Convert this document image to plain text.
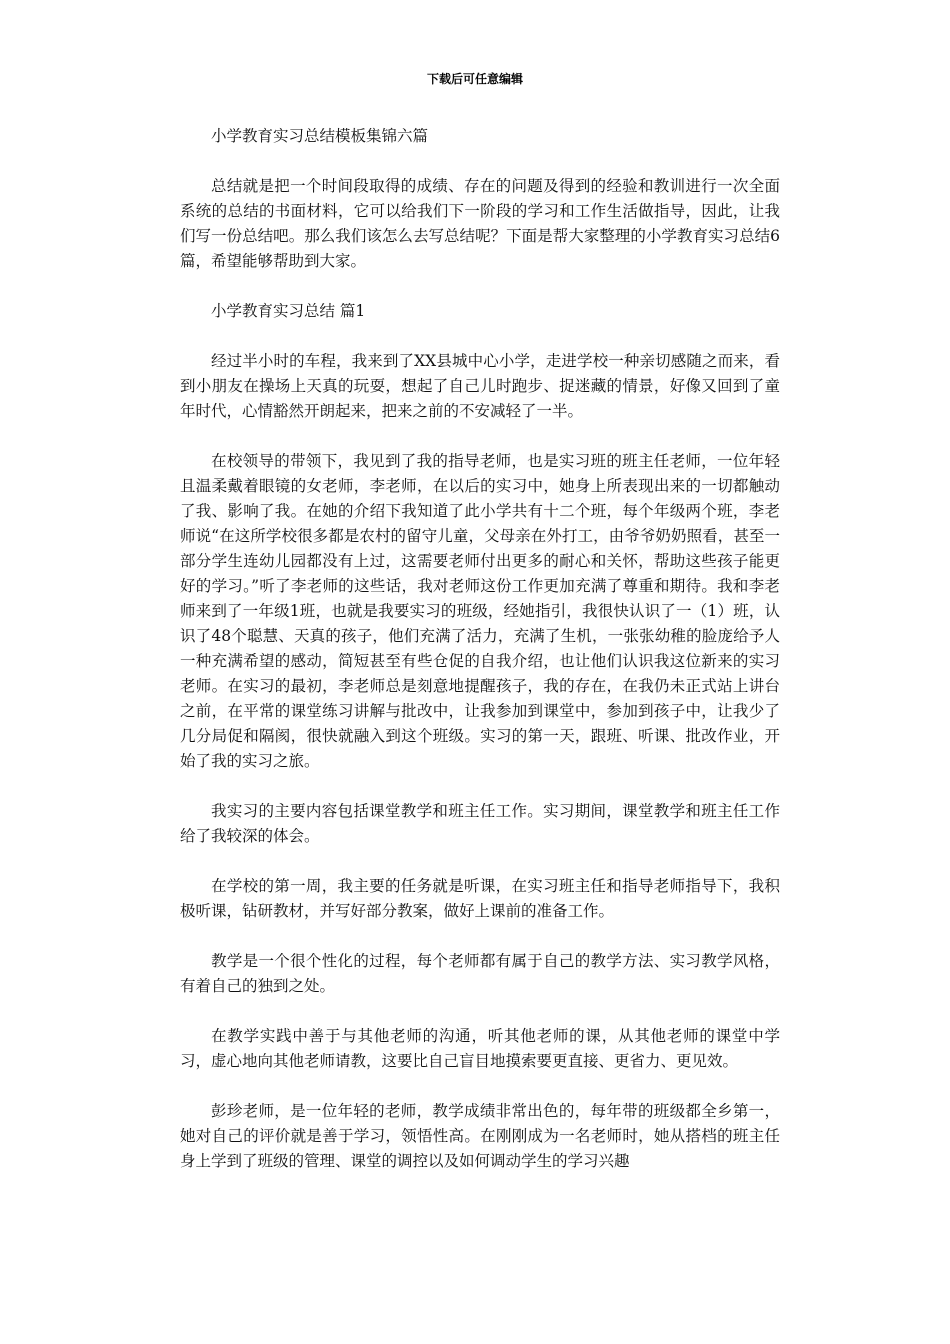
下载后可任意编辑

小学教育实习总结模板集锦六篇

总结就是把一个时间段取得的成绩、存在的问题及得到的经验和教训进行一次全面系统的总结的书面材料，它可以给我们下一阶段的学习和工作生活做指导，因此，让我们写一份总结吧。那么我们该怎么去写总结呢？下面是帮大家整理的小学教育实习总结6篇，希望能够帮助到大家。

小学教育实习总结 篇1

经过半小时的车程，我来到了XX县城中心小学，走进学校一种亲切感随之而来，看到小朋友在操场上天真的玩耍，想起了自己儿时跑步、捉迷藏的情景，好像又回到了童年时代，心情豁然开朗起来，把来之前的不安减轻了一半。

在校领导的带领下，我见到了我的指导老师，也是实习班的班主任老师，一位年轻且温柔戴着眼镜的女老师，李老师，在以后的实习中，她身上所表现出来的一切都触动了我、影响了我。在她的介绍下我知道了此小学共有十二个班，每个年级两个班，李老师说“在这所学校很多都是农村的留守儿童，父母亲在外打工，由爷爷奶奶照看，甚至一部分学生连幼儿园都没有上过，这需要老师付出更多的耐心和关怀，帮助这些孩子能更好的学习。”听了李老师的这些话，我对老师这份工作更加充满了尊重和期待。我和李老师来到了一年级1班，也就是我要实习的班级，经她指引，我很快认识了一（1）班，认识了48个聪慧、天真的孩子，他们充满了活力，充满了生机，一张张幼稚的脸庞给予人一种充满希望的感动，简短甚至有些仓促的自我介绍，也让他们认识我这位新来的实习老师。在实习的最初，李老师总是刻意地提醒孩子，我的存在，在我仍未正式站上讲台之前，在平常的课堂练习讲解与批改中，让我参加到课堂中，参加到孩子中，让我少了几分局促和隔阂，很快就融入到这个班级。实习的第一天，跟班、听课、批改作业，开始了我的实习之旅。

我实习的主要内容包括课堂教学和班主任工作。实习期间，课堂教学和班主任工作给了我较深的体会。

在学校的第一周，我主要的任务就是听课，在实习班主任和指导老师指导下，我积极听课，钻研教材，并写好部分教案，做好上课前的准备工作。

教学是一个很个性化的过程，每个老师都有属于自己的教学方法、实习教学风格，有着自己的独到之处。

在教学实践中善于与其他老师的沟通，听其他老师的课，从其他老师的课堂中学习，虚心地向其他老师请教，这要比自己盲目地摸索要更直接、更省力、更见效。

彭珍老师，是一位年轻的老师，教学成绩非常出色的，每年带的班级都全乡第一，她对自己的评价就是善于学习，领悟性高。在刚刚成为一名老师时，她从搭档的班主任身上学到了班级的管理、课堂的调控以及如何调动学生的学习兴趣
